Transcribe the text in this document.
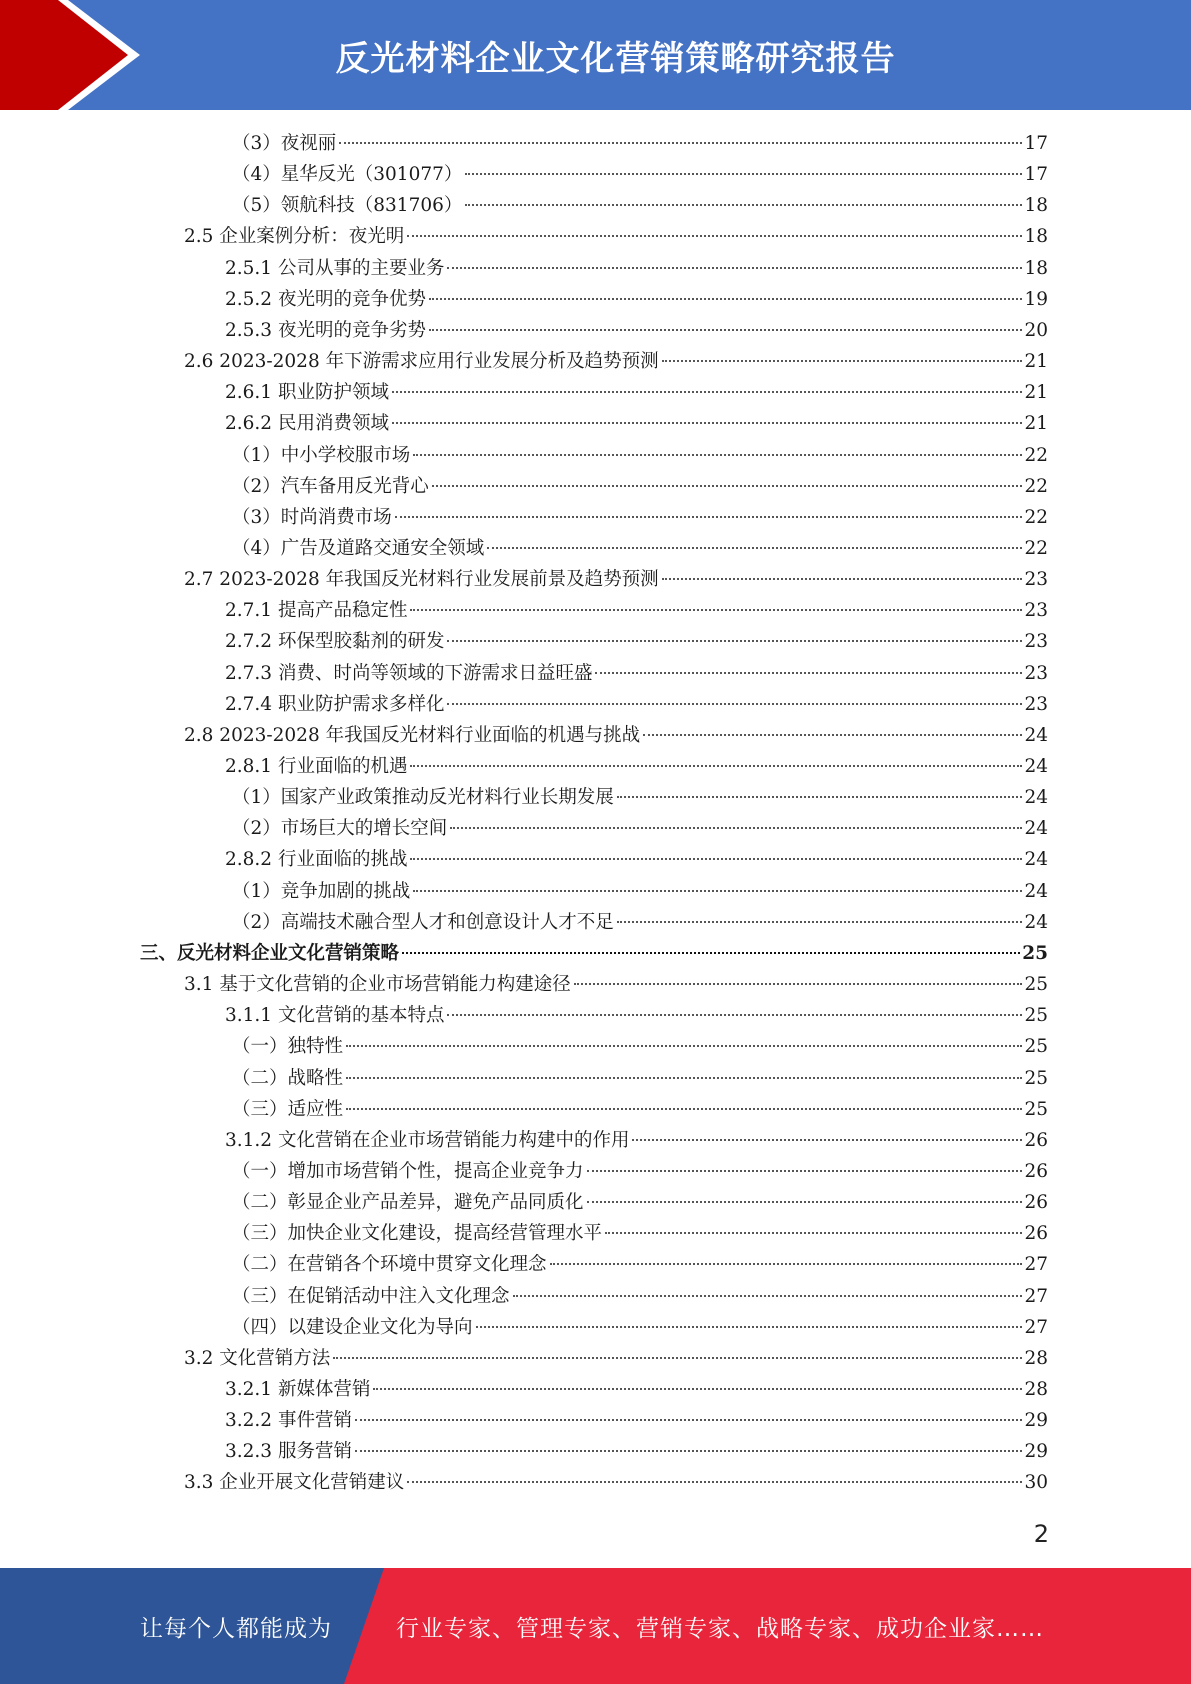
反光材料企业文化营销策略研究报告
（3）夜视丽	17
（4）星华反光（301077）	17
（5）领航科技（831706）	18
2.5 企业案例分析：夜光明	18
2.5.1 公司从事的主要业务	18
2.5.2 夜光明的竞争优势	19
2.5.3 夜光明的竞争劣势	20
2.6 2023-2028 年下游需求应用行业发展分析及趋势预测	21
2.6.1 职业防护领域	21
2.6.2 民用消费领域	21
（1）中小学校服市场	22
（2）汽车备用反光背心	22
（3）时尚消费市场	22
（4）广告及道路交通安全领域	22
2.7 2023-2028 年我国反光材料行业发展前景及趋势预测	23
2.7.1 提高产品稳定性	23
2.7.2 环保型胶黏剂的研发	23
2.7.3 消费、时尚等领域的下游需求日益旺盛	23
2.7.4 职业防护需求多样化	23
2.8 2023-2028 年我国反光材料行业面临的机遇与挑战	24
2.8.1 行业面临的机遇	24
（1）国家产业政策推动反光材料行业长期发展	24
（2）市场巨大的增长空间	24
2.8.2 行业面临的挑战	24
（1）竞争加剧的挑战	24
（2）高端技术融合型人才和创意设计人才不足	24
三、反光材料企业文化营销策略	25
3.1 基于文化营销的企业市场营销能力构建途径	25
3.1.1 文化营销的基本特点	25
（一）独特性	25
（二）战略性	25
（三）适应性	25
3.1.2 文化营销在企业市场营销能力构建中的作用	26
（一）增加市场营销个性，提高企业竞争力	26
（二）彰显企业产品差异，避免产品同质化	26
（三）加快企业文化建设，提高经营管理水平	26
（二）在营销各个环境中贯穿文化理念	27
（三）在促销活动中注入文化理念	27
（四）以建设企业文化为导向	27
3.2 文化营销方法	28
3.2.1 新媒体营销	28
3.2.2 事件营销	29
3.2.3 服务营销	29
3.3 企业开展文化营销建议	30
2
让每个人都能成为	行业专家、管理专家、营销专家、战略专家、成功企业家……
